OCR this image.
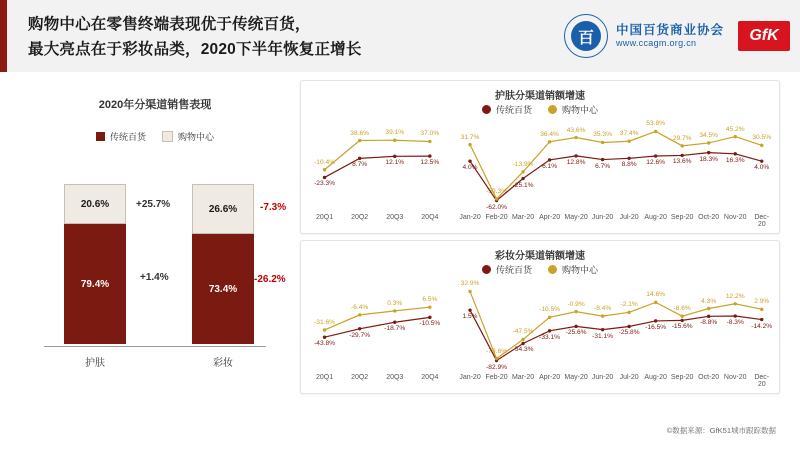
购物中心在零售终端表现优于传统百货，
最大亮点在于彩妆品类，2020下半年恢复正增长
百	中国百货商业协会
www.ccagm.org.cn	GfK
2020年分渠道销售表现
传统百货	购物中心
20.6%
79.4%
护肤
+25.7%
+1.4%
26.6%
73.4%
彩妆
-7.3%
-26.2%
护肤分渠道销额增速
传统百货	购物中心
-23.3%
8.7%	12.1% 12.5%
-10.4%
38.6% 39.1% 37.0%
4.0%
-62.0%
-25.1%
6.1%
12.8%
6.7% 8.8% 12.6% 13.6% 18.3% 16.3%
4.0%
31.7%
-59.3%
-13.9%
36.4%
43.6%
35.3% 37.4%
53.8%
29.7% 34.5%
45.2%
30.5%
20Q1	20Q2	20Q3	20Q4	Jan-20 Feb-20 Mar-20 Apr-20 May-20 Jun-20 Jul-20 Aug-20 Sep-20 Oct-20 Nov-20 Dec-20
彩妆分渠道销额增速
传统百货	购物中心
-43.8%
-29.7%
-18.7%
-10.5%
-31.6%
-6.4%
0.3%
6.5%
1.5%
-82.9%
-54.3%
-33.1%
-25.6% -31.1% -25.8%
-16.5% -15.6%
-8.8% -8.3%
-14.2%
32.9%
-79.6%
-47.5%
-10.5%
-0.9%
-8.4%
-2.1%
14.6%
-8.6%
4.3%
12.2%
2.9%
20Q1	20Q2	20Q3	20Q4	Jan-20 Feb-20 Mar-20 Apr-20 May-20 Jun-20 Jul-20 Aug-20 Sep-20 Oct-20 Nov-20 Dec-20
©数据来源：GfK51城市跟踪数据
